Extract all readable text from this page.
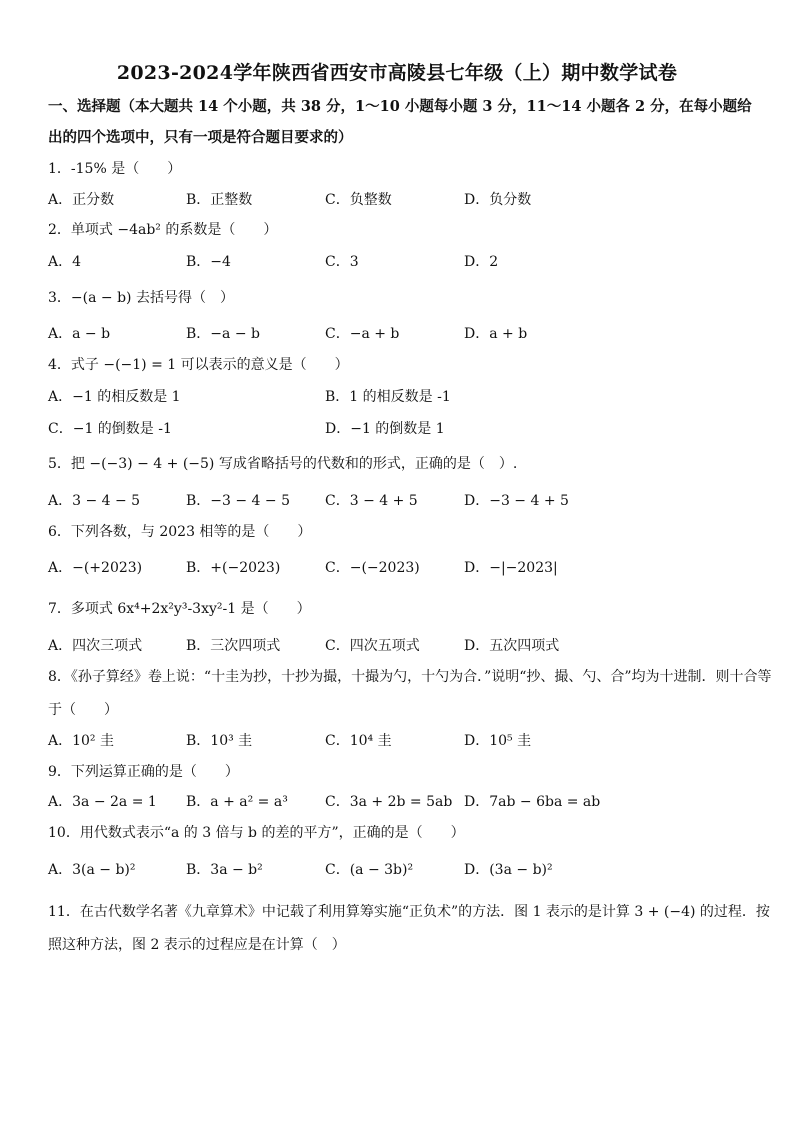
2023-2024学年陕西省西安市高陵县七年级（上）期中数学试卷
一、选择题（本大题共 14 个小题，共 38 分，1～10 小题每小题 3 分，11～14 小题各 2 分，在每小题给出的四个选项中，只有一项是符合题目要求的）
1．-15% 是（　　）
A．正分数	B．正整数	C．负整数	D．负分数
2．单项式 −4ab² 的系数是（　　）
A．4	B．−4	C．3	D．2
3．−(a − b) 去括号得（　）
A．a − b	B．−a − b	C．−a + b	D．a + b
4．式子 −(−1) = 1 可以表示的意义是（　　）
A．−1 的相反数是 1	B．1 的相反数是 -1
C．−1 的倒数是 -1	D．−1 的倒数是 1
5．把 −(−3) − 4 + (−5) 写成省略括号的代数和的形式，正确的是（　）.
A．3 − 4 − 5	B．−3 − 4 − 5 C．3 − 4 + 5	D．−3 − 4 + 5
6．下列各数，与 2023 相等的是（　　）
A．−(+2023)	B．+(−2023)	C．−(−2023)	D．−|−2023|
7．多项式 6x⁴+2x²y³-3xy²-1 是（　　）
A．四次三项式	B．三次四项式	C．四次五项式	D．五次四项式
8．《孙子算经》卷上说：“十圭为抄，十抄为撮，十撮为勺，十勺为合．”说明“抄、撮、勺、合”均为十进制．则十合等于（　　）
A．10² 圭	B．10³ 圭	C．10⁴ 圭	D．10⁵ 圭
9．下列运算正确的是（　　）
A．3a − 2a = 1 B．a + a² = a³	C．3a + 2b = 5ab D．7ab − 6ba = ab
10．用代数式表示“a 的 3 倍与 b 的差的平方”，正确的是（　　）
A．3(a − b)²	B．3a − b²	C．(a − 3b)²	D．(3a − b)²
11．在古代数学名著《九章算术》中记载了利用算筹实施“正负术”的方法．图 1 表示的是计算 3 + (−4) 的过程．按照这种方法，图 2 表示的过程应是在计算（　）
